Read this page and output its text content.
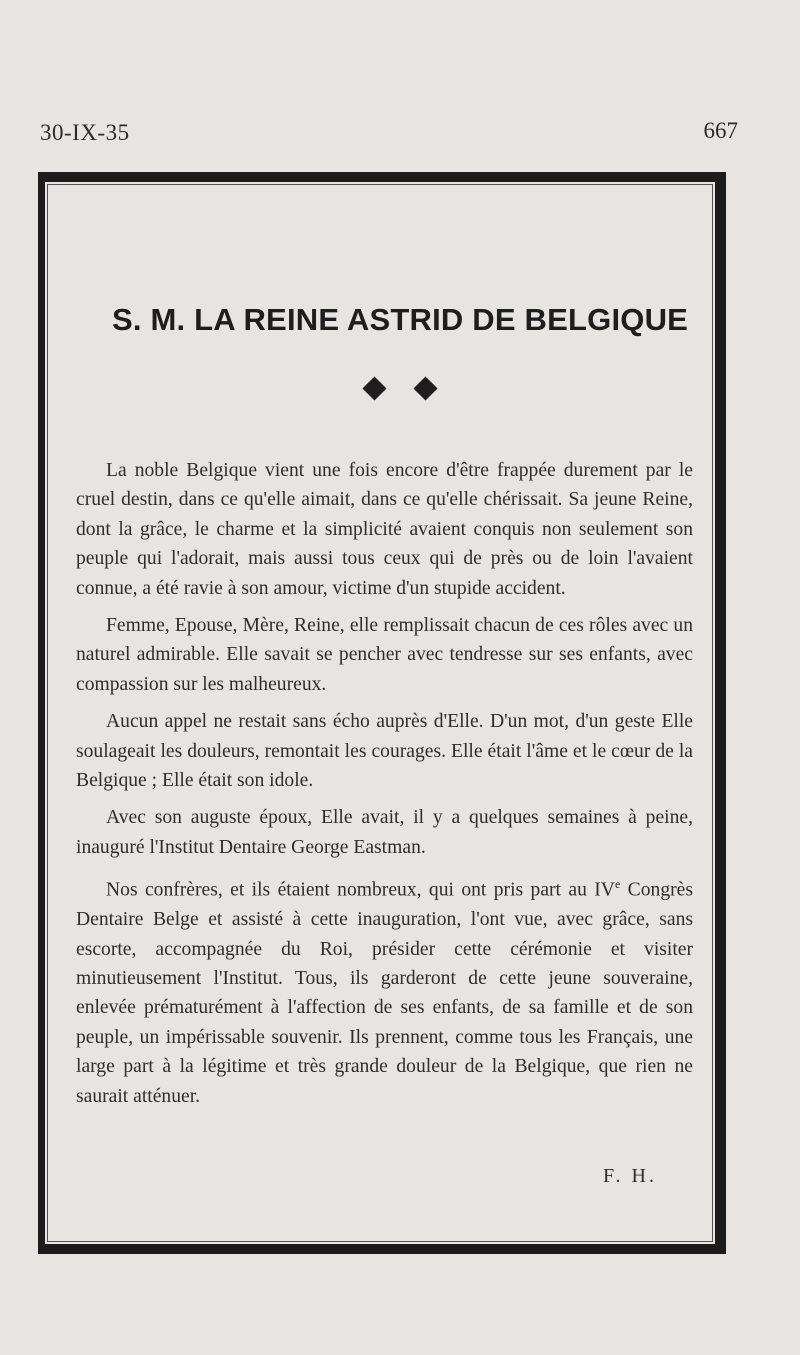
30-IX-35	667
S. M. LA REINE ASTRID DE BELGIQUE

La noble Belgique vient une fois encore d'être frappée durement par le cruel destin, dans ce qu'elle aimait, dans ce qu'elle chérissait. Sa jeune Reine, dont la grâce, le charme et la simplicité avaient conquis non seulement son peuple qui l'adorait, mais aussi tous ceux qui de près ou de loin l'avaient connue, a été ravie à son amour, victime d'un stupide accident.

Femme, Epouse, Mère, Reine, elle remplissait chacun de ces rôles avec un naturel admirable. Elle savait se pencher avec tendresse sur ses enfants, avec compassion sur les malheureux.

Aucun appel ne restait sans écho auprès d'Elle. D'un mot, d'un geste Elle soulageait les douleurs, remontait les courages. Elle était l'âme et le cœur de la Belgique ; Elle était son idole.

Avec son auguste époux, Elle avait, il y a quelques semaines à peine, inauguré l'Institut Dentaire George Eastman.

Nos confrères, et ils étaient nombreux, qui ont pris part au IVe Congrès Dentaire Belge et assisté à cette inauguration, l'ont vue, avec grâce, sans escorte, accompagnée du Roi, présider cette cérémonie et visiter minutieusement l'Institut. Tous, ils garderont de cette jeune souveraine, enlevée prématurément à l'affection de ses enfants, de sa famille et de son peuple, un impérissable souvenir. Ils prennent, comme tous les Français, une large part à la légitime et très grande douleur de la Belgique, que rien ne saurait atténuer.

F. H.
